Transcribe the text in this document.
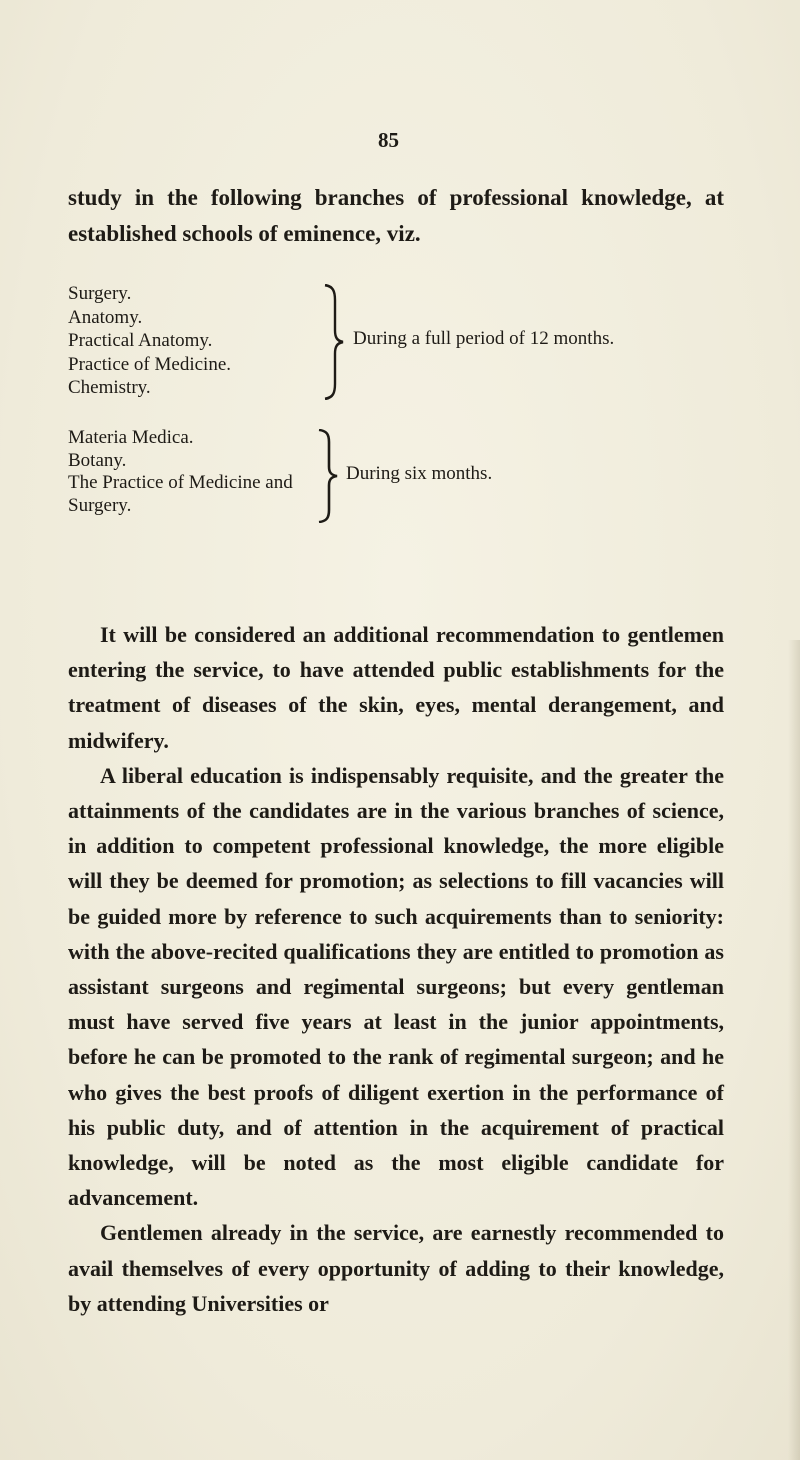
85

study in the following branches of professional knowledge, at established schools of eminence, viz.

Surgery.
Anatomy.
Practical Anatomy.
Practice of Medicine.
Chemistry.
During a full period of 12 months.
Materia Medica.
Botany.
The Practice of Medicine and
Surgery.
During six months.

It will be considered an additional recommendation to gentlemen entering the service, to have attended public establishments for the treatment of diseases of the skin, eyes, mental derangement, and midwifery.

A liberal education is indispensably requisite, and the greater the attainments of the candidates are in the various branches of science, in addition to competent professional knowledge, the more eligible will they be deemed for promotion; as selections to fill vacancies will be guided more by reference to such acquirements than to seniority: with the above-recited qualifications they are entitled to promotion as assistant surgeons and regimental surgeons; but every gentleman must have served five years at least in the junior appointments, before he can be promoted to the rank of regimental surgeon; and he who gives the best proofs of diligent exertion in the performance of his public duty, and of attention in the acquirement of practical knowledge, will be noted as the most eligible candidate for advancement.

Gentlemen already in the service, are earnestly recommended to avail themselves of every opportunity of adding to their knowledge, by attending Universities or
